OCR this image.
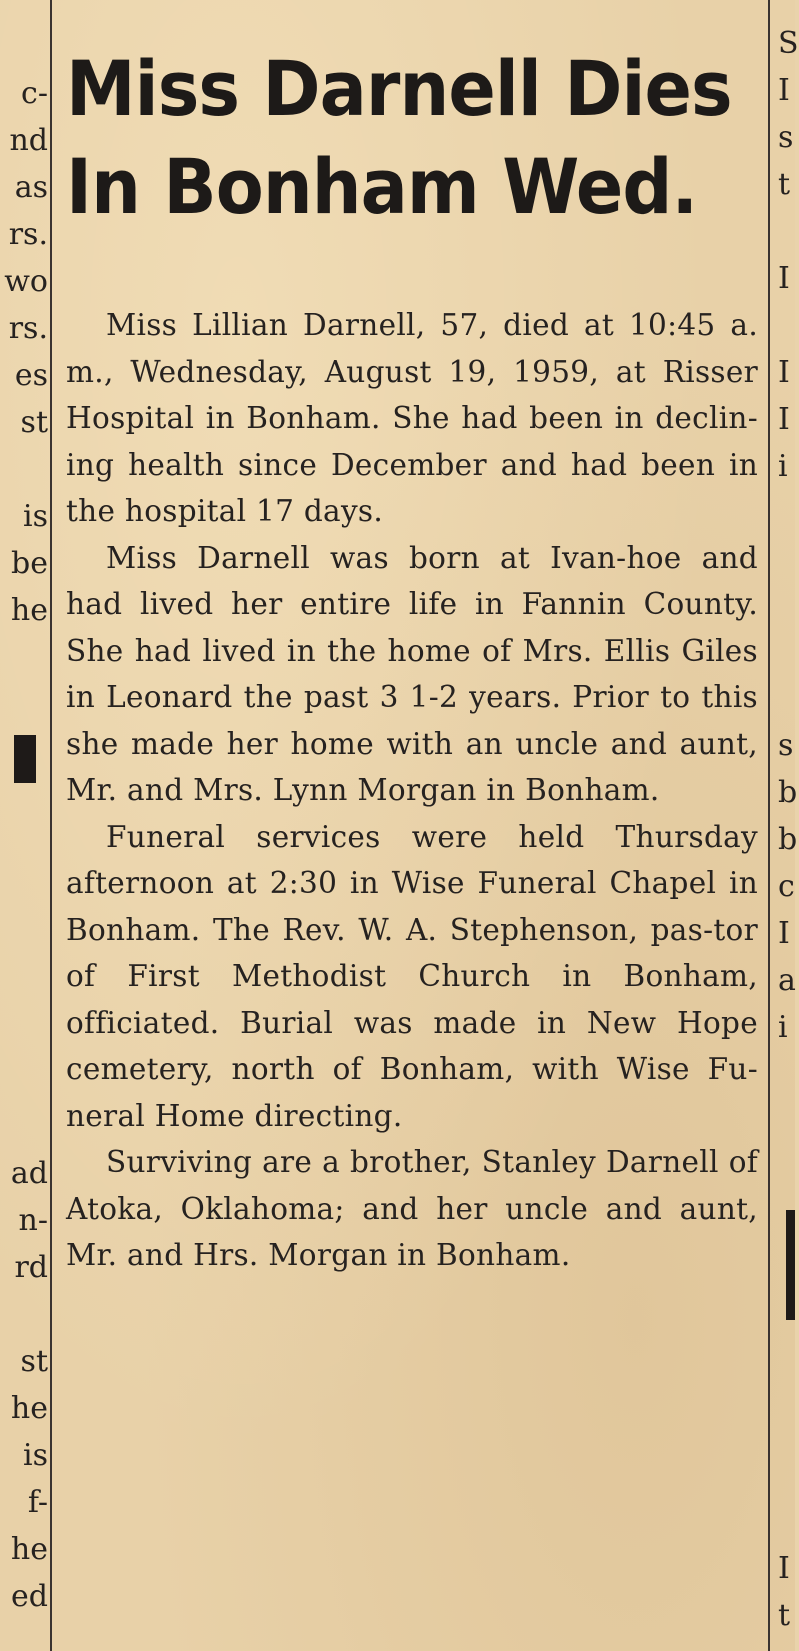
c-
nd
as
rs.
wo
rs.
es
st
is
be
he
ad
n-
rd
st
he
is
f-
he
ed
S
I
s
t
I
I
I
i
s
b
b
c
I
a
i
I
t
Miss Darnell Dies
In Bonham Wed.

Miss Lillian Darnell, 57, died at 10:45 a. m., Wednesday, August 19, 1959, at Risser Hospital in Bonham. She had been in declin-ing health since December and had been in the hospital 17 days.

Miss Darnell was born at Ivan-hoe and had lived her entire life in Fannin County. She had lived in the home of Mrs. Ellis Giles in Leonard the past 3 1-2 years. Prior to this she made her home with an uncle and aunt, Mr. and Mrs. Lynn Morgan in Bonham.

Funeral services were held Thursday afternoon at 2:30 in Wise Funeral Chapel in Bonham. The Rev. W. A. Stephenson, pas-tor of First Methodist Church in Bonham, officiated. Burial was made in New Hope cemetery, north of Bonham, with Wise Fu-neral Home directing.

Surviving are a brother, Stanley Darnell of Atoka, Oklahoma; and her uncle and aunt, Mr. and Hrs. Morgan in Bonham.
